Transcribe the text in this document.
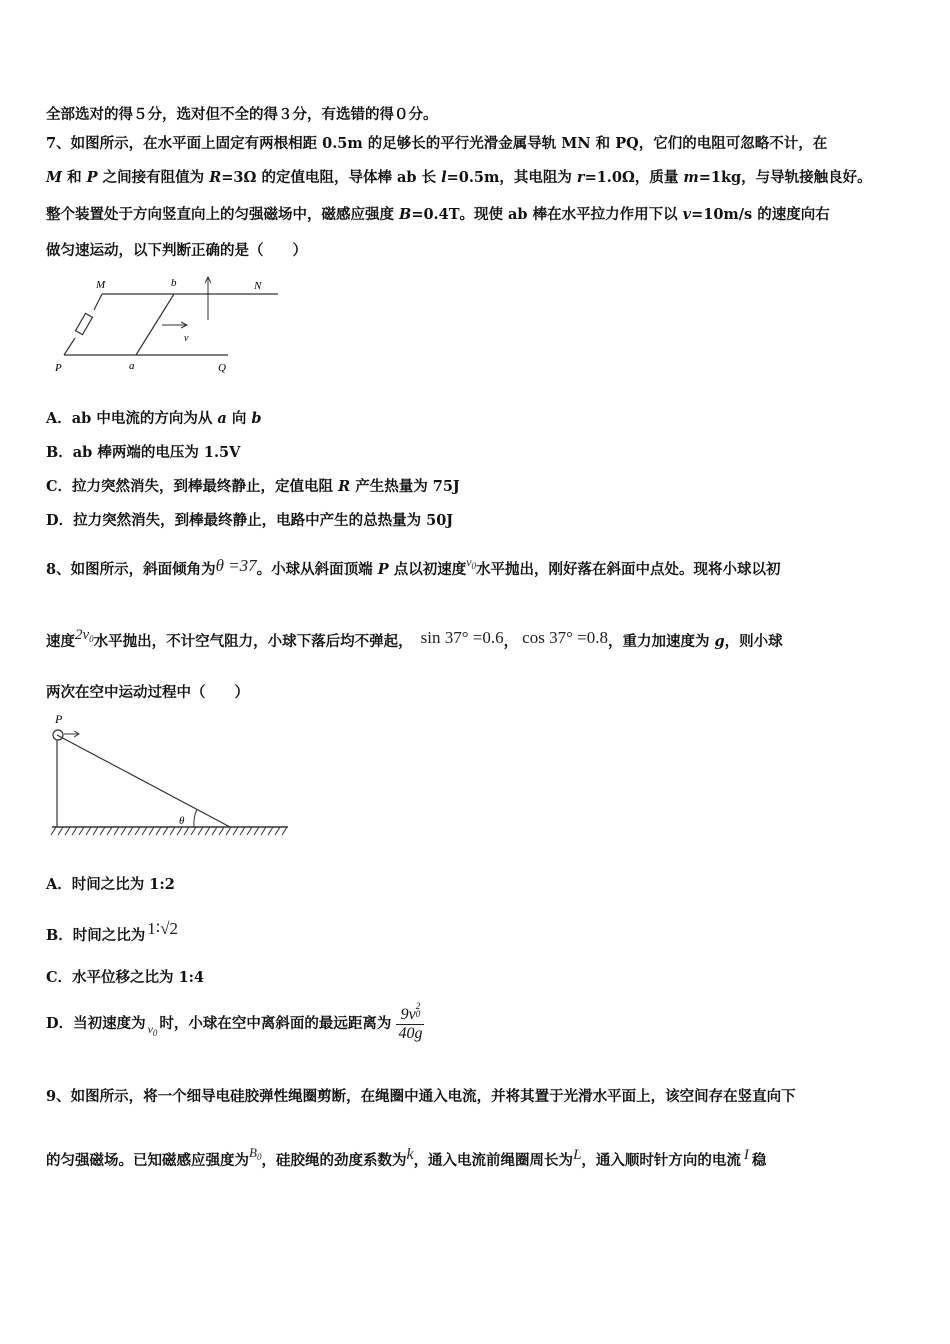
全部选对的得５分，选对但不全的得３分，有选错的得０分。
7、如图所示，在水平面上固定有两根相距 0.5m 的足够长的平行光滑金属导轨 MN 和 PQ，它们的电阻可忽略不计，在
M 和 P 之间接有阻值为 R=3Ω 的定值电阻，导体棒 ab 长 l=0.5m，其电阻为 r=1.0Ω，质量 m=1kg，与导轨接触良好。
整个装置处于方向竖直向上的匀强磁场中，磁感应强度 B=0.4T。现使 ab 棒在水平拉力作用下以 v=10m/s 的速度向右
做匀速运动，以下判断正确的是（　　）
M	b	N
v
P	a	Q
A．ab 中电流的方向为从 a 向 b
B．ab 棒两端的电压为 1.5V
C．拉力突然消失，到棒最终静止，定值电阻 R 产生热量为 75J
D．拉力突然消失，到棒最终静止，电路中产生的总热量为 50J
8、如图所示，斜面倾角为θ =37。小球从斜面顶端 P 点以初速度$^{v_0}$水平抛出，刚好落在斜面中点处。现将小球以初
速度$2v_0$水平抛出，不计空气阻力，小球下落后均不弹起， sin 37° =0.6， cos 37° =0.8，重力加速度为 g，则小球
两次在空中运动过程中（　　）
P
θ
A．时间之比为 1:2
B．时间之比为 1∶√2
C．水平位移之比为 1:4
D．当初速度为 $_{v_0}$时，小球在空中离斜面的最远距离为 9v 2
0
40g
9、如图所示，将一个细导电硅胶弹性绳圈剪断，在绳圈中通入电流，并将其置于光滑水平面上，该空间存在竖直向下
的匀强磁场。已知磁感应强度为$B_0$，硅胶绳的劲度系数为k，通入电流前绳圈周长为L，通入顺时针方向的电流 I 稳
